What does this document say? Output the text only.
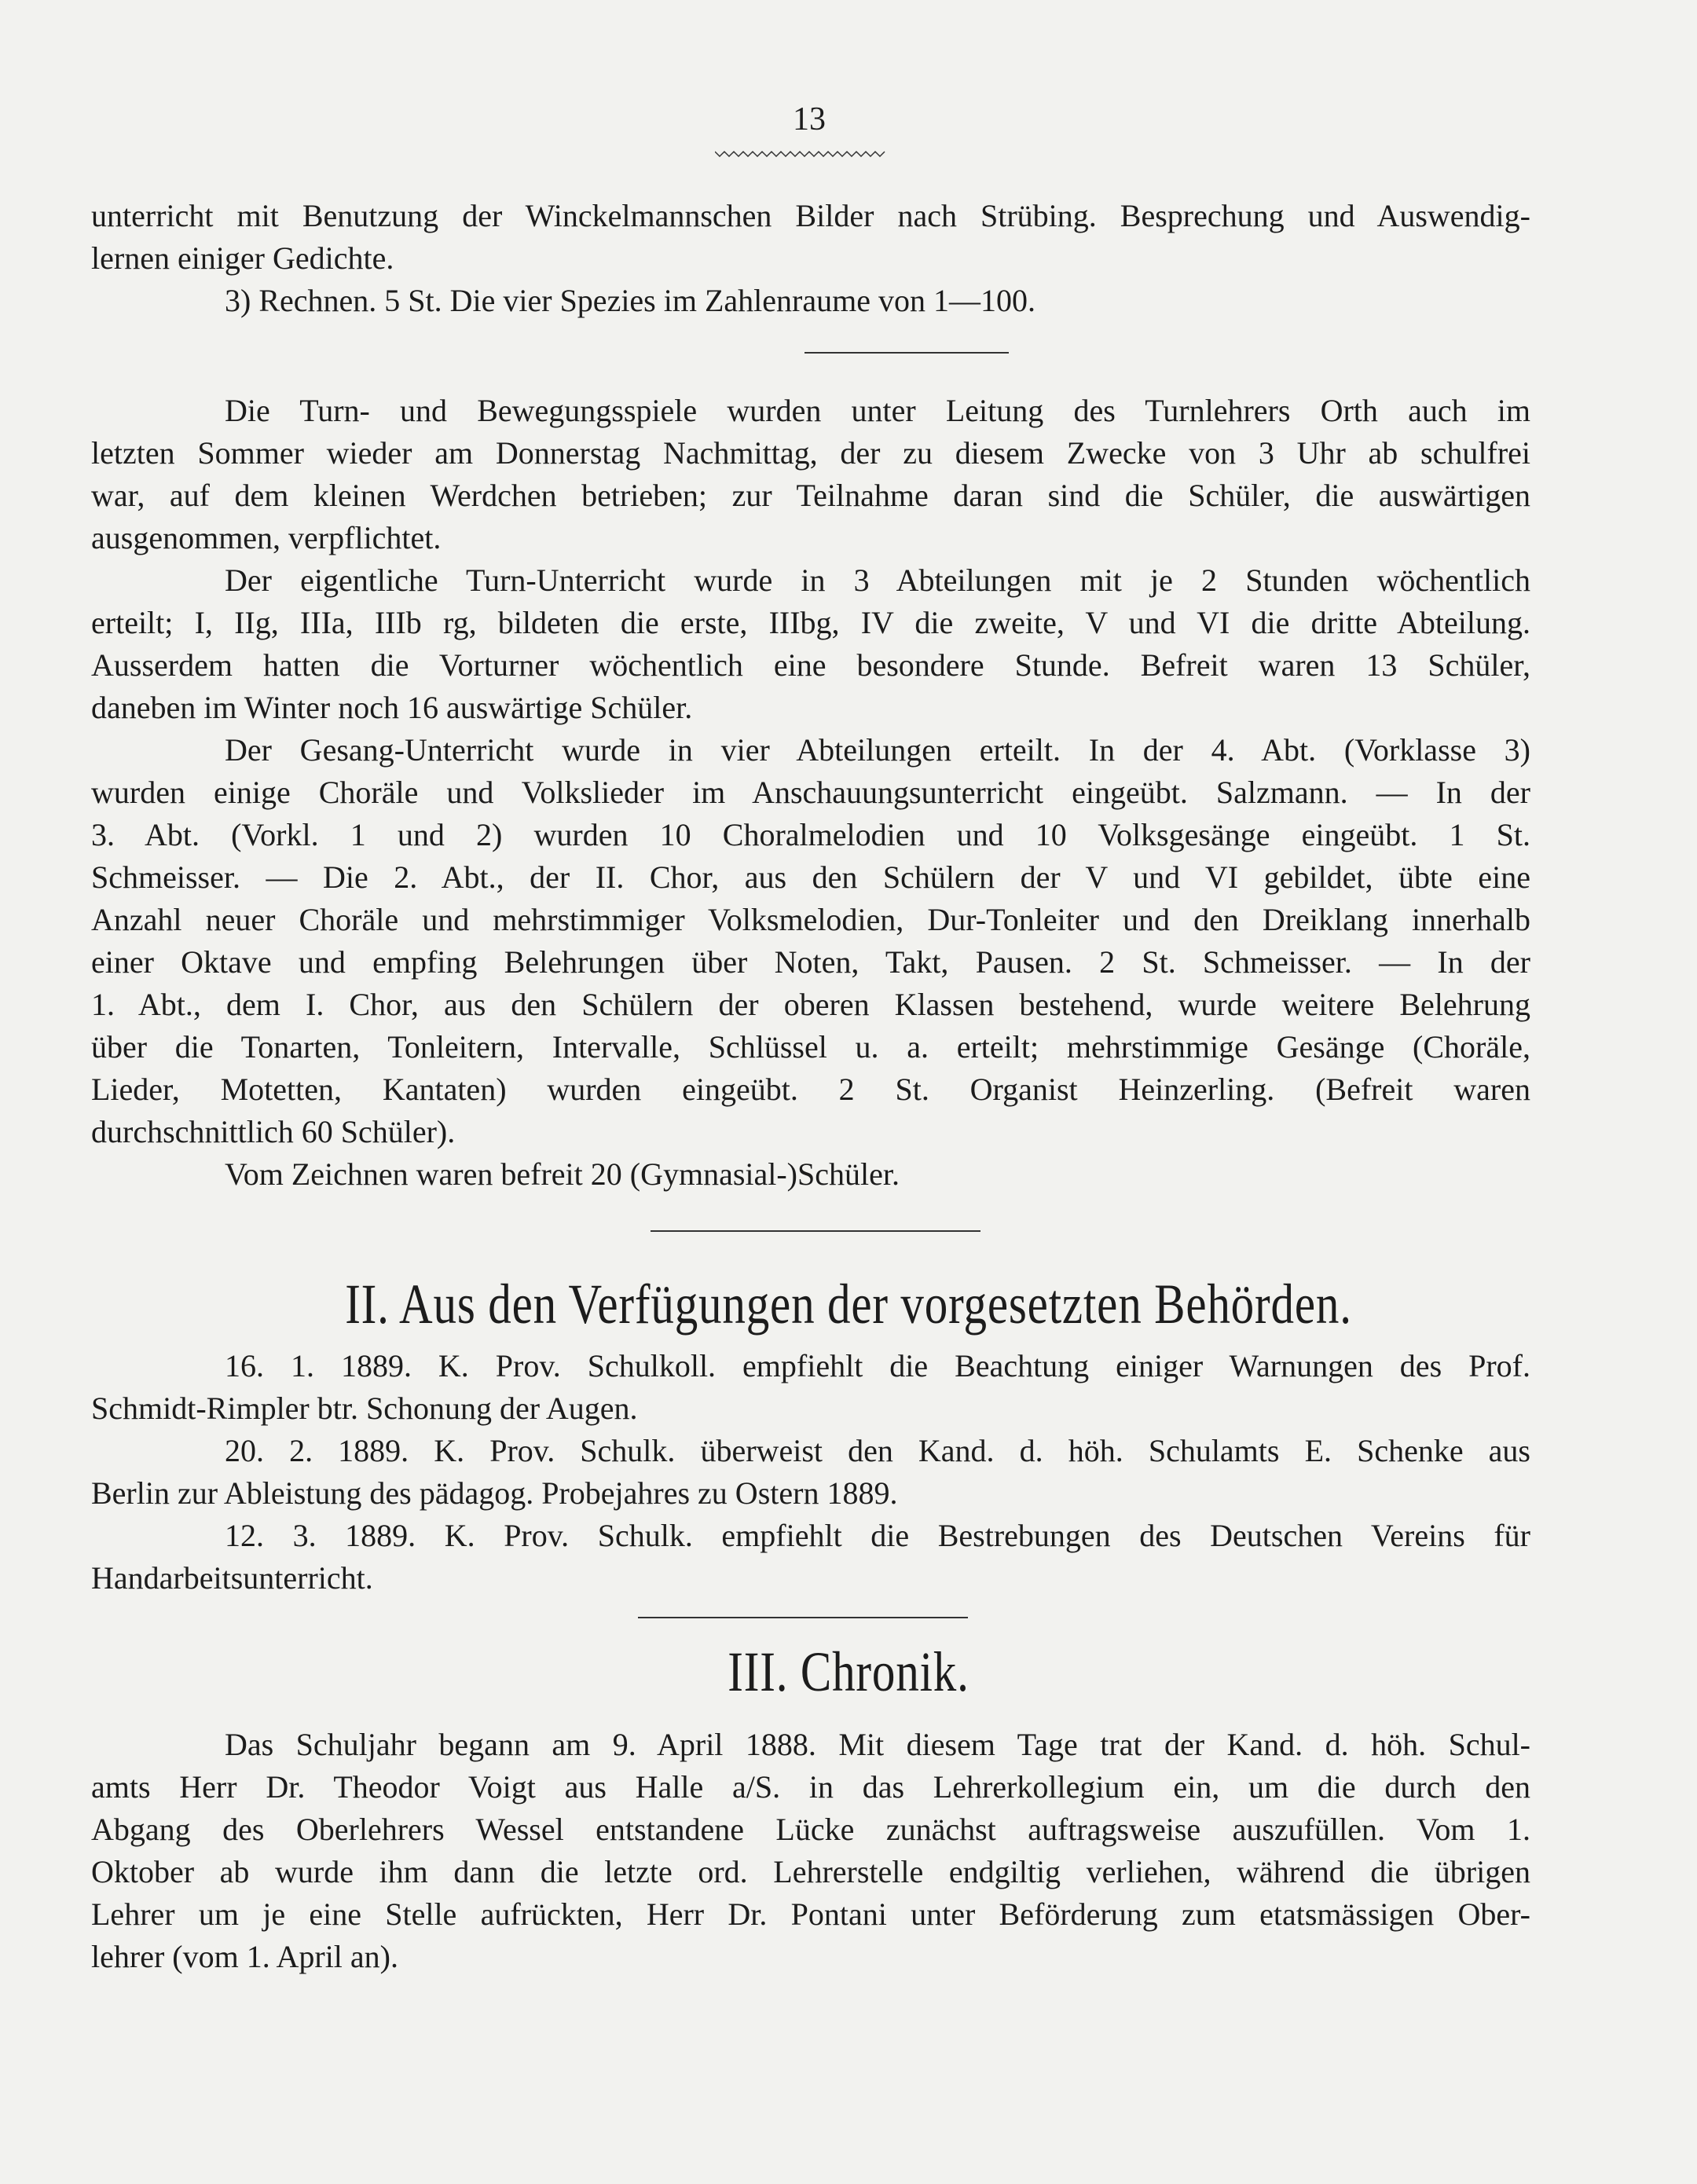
13
unterricht mit Benutzung der Winckelmannschen Bilder nach Strübing. Besprechung und Auswendig-
lernen einiger Gedichte.
3) Rechnen. 5 St. Die vier Spezies im Zahlenraume von 1—100.
Die Turn- und Bewegungsspiele wurden unter Leitung des Turnlehrers Orth auch im
letzten Sommer wieder am Donnerstag Nachmittag, der zu diesem Zwecke von 3 Uhr ab schulfrei
war, auf dem kleinen Werdchen betrieben; zur Teilnahme daran sind die Schüler, die auswärtigen
ausgenommen, verpflichtet.
Der eigentliche Turn-Unterricht wurde in 3 Abteilungen mit je 2 Stunden wöchentlich
erteilt; I, IIg, IIIa, IIIb rg, bildeten die erste, IIIbg, IV die zweite, V und VI die dritte Abteilung.
Ausserdem hatten die Vorturner wöchentlich eine besondere Stunde. Befreit waren 13 Schüler,
daneben im Winter noch 16 auswärtige Schüler.
Der Gesang-Unterricht wurde in vier Abteilungen erteilt. In der 4. Abt. (Vorklasse 3)
wurden einige Choräle und Volkslieder im Anschauungsunterricht eingeübt. Salzmann. — In der
3. Abt. (Vorkl. 1 und 2) wurden 10 Choralmelodien und 10 Volksgesänge eingeübt. 1 St.
Schmeisser. — Die 2. Abt., der II. Chor, aus den Schülern der V und VI gebildet, übte eine
Anzahl neuer Choräle und mehrstimmiger Volksmelodien, Dur-Tonleiter und den Dreiklang innerhalb
einer Oktave und empfing Belehrungen über Noten, Takt, Pausen. 2 St. Schmeisser. — In der
1. Abt., dem I. Chor, aus den Schülern der oberen Klassen bestehend, wurde weitere Belehrung
über die Tonarten, Tonleitern, Intervalle, Schlüssel u. a. erteilt; mehrstimmige Gesänge (Choräle,
Lieder, Motetten, Kantaten) wurden eingeübt. 2 St. Organist Heinzerling. (Befreit waren
durchschnittlich 60 Schüler).
Vom Zeichnen waren befreit 20 (Gymnasial-)Schüler.
II. Aus den Verfügungen der vorgesetzten Behörden.
16. 1. 1889. K. Prov. Schulkoll. empfiehlt die Beachtung einiger Warnungen des Prof.
Schmidt-Rimpler btr. Schonung der Augen.
20. 2. 1889. K. Prov. Schulk. überweist den Kand. d. höh. Schulamts E. Schenke aus
Berlin zur Ableistung des pädagog. Probejahres zu Ostern 1889.
12. 3. 1889. K. Prov. Schulk. empfiehlt die Bestrebungen des Deutschen Vereins für
Handarbeitsunterricht.
III. Chronik.
Das Schuljahr begann am 9. April 1888. Mit diesem Tage trat der Kand. d. höh. Schul-
amts Herr Dr. Theodor Voigt aus Halle a/S. in das Lehrerkollegium ein, um die durch den
Abgang des Oberlehrers Wessel entstandene Lücke zunächst auftragsweise auszufüllen. Vom 1.
Oktober ab wurde ihm dann die letzte ord. Lehrerstelle endgiltig verliehen, während die übrigen
Lehrer um je eine Stelle aufrückten, Herr Dr. Pontani unter Beförderung zum etatsmässigen Ober-
lehrer (vom 1. April an).
